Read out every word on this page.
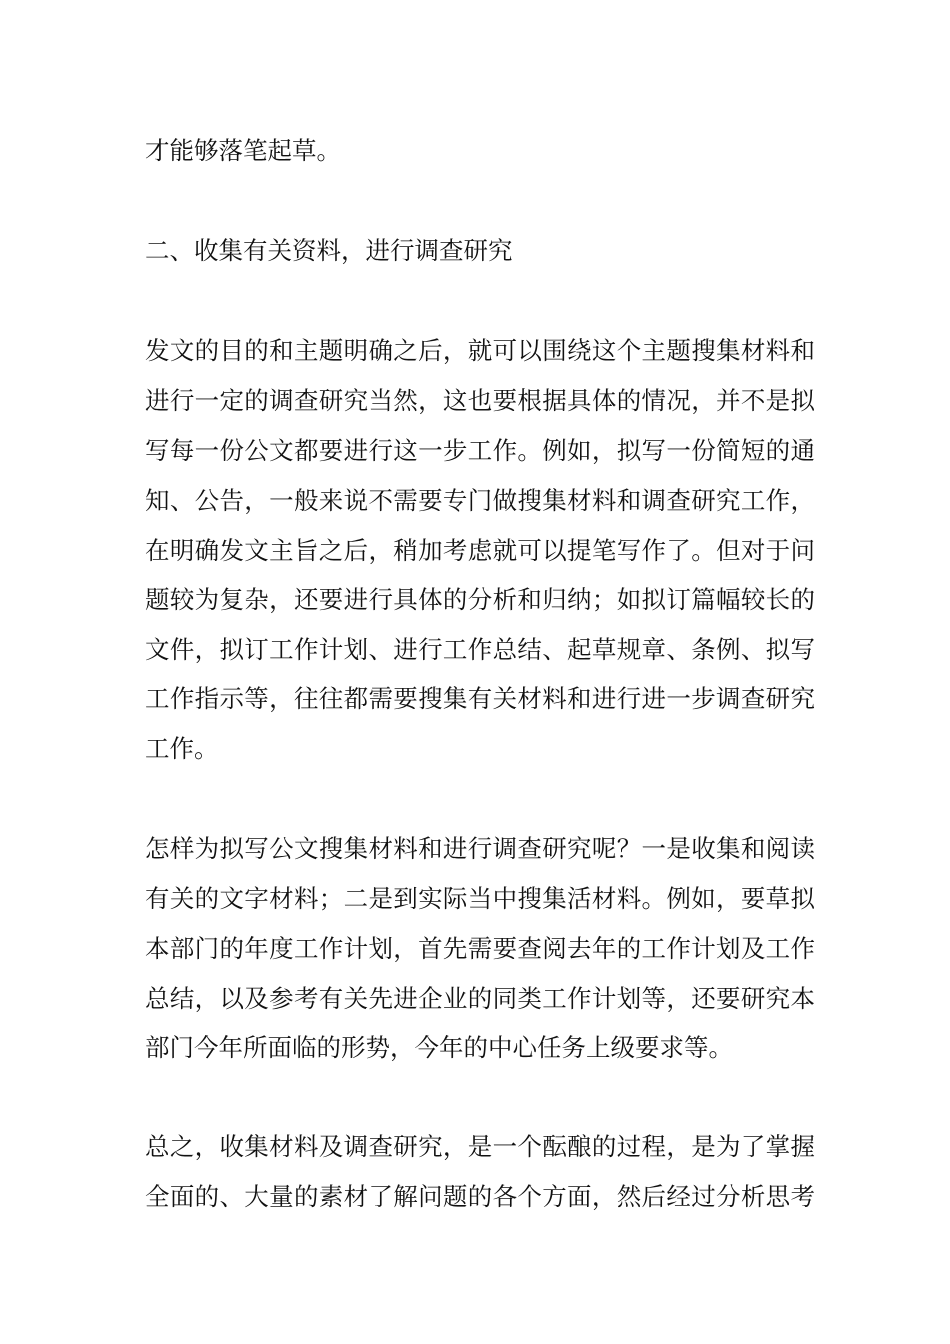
才能够落笔起草。
二、收集有关资料，进行调查研究
发文的目的和主题明确之后，就可以围绕这个主题搜集材料和
进行一定的调查研究当然，这也要根据具体的情况，并不是拟
写每一份公文都要进行这一步工作。例如，拟写一份简短的通
知、公告，一般来说不需要专门做搜集材料和调查研究工作，
在明确发文主旨之后，稍加考虑就可以提笔写作了。但对于问
题较为复杂，还要进行具体的分析和归纳；如拟订篇幅较长的
文件，拟订工作计划、进行工作总结、起草规章、条例、拟写
工作指示等，往往都需要搜集有关材料和进行进一步调查研究
工作。
怎样为拟写公文搜集材料和进行调查研究呢？一是收集和阅读
有关的文字材料；二是到实际当中搜集活材料。例如，要草拟
本部门的年度工作计划，首先需要查阅去年的工作计划及工作
总结，以及参考有关先进企业的同类工作计划等，还要研究本
部门今年所面临的形势，今年的中心任务上级要求等。
总之，收集材料及调查研究，是一个酝酿的过程，是为了掌握
全面的、大量的素材了解问题的各个方面，然后经过分析思考
